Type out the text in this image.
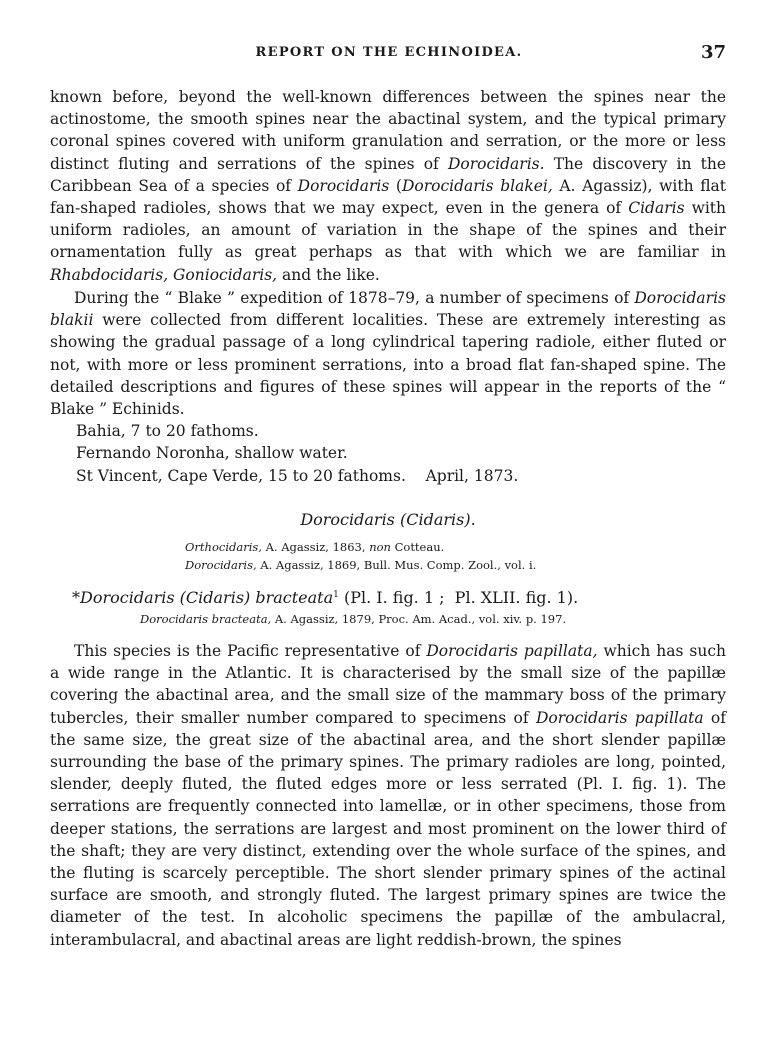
REPORT ON THE ECHINOIDEA.	37
known before, beyond the well-known differences between the spines near the actinostome, the smooth spines near the abactinal system, and the typical primary coronal spines covered with uniform granulation and serration, or the more or less distinct fluting and serrations of the spines of Dorocidaris. The discovery in the Caribbean Sea of a species of Dorocidaris (Dorocidaris blakei, A. Agassiz), with flat fan-shaped radioles, shows that we may expect, even in the genera of Cidaris with uniform radioles, an amount of variation in the shape of the spines and their ornamentation fully as great perhaps as that with which we are familiar in Rhabdocidaris, Goniocidaris, and the like.
During the “ Blake ” expedition of 1878–79, a number of specimens of Dorocidaris blakii were collected from different localities. These are extremely interesting as showing the gradual passage of a long cylindrical tapering radiole, either fluted or not, with more or less prominent serrations, into a broad flat fan-shaped spine. The detailed descriptions and figures of these spines will appear in the reports of the “ Blake ” Echinids.
Bahia, 7 to 20 fathoms.
Fernando Noronha, shallow water.
St Vincent, Cape Verde, 15 to 20 fathoms.    April, 1873.
Dorocidaris (Cidaris).
Orthocidaris, A. Agassiz, 1863, non Cotteau.
Dorocidaris, A. Agassiz, 1869, Bull. Mus. Comp. Zool., vol. i.
*Dorocidaris (Cidaris) bracteata$^1$ (Pl. I. fig. 1 ;  Pl. XLII. fig. 1).
Dorocidaris bracteata, A. Agassiz, 1879, Proc. Am. Acad., vol. xiv. p. 197.
This species is the Pacific representative of Dorocidaris papillata, which has such a wide range in the Atlantic. It is characterised by the small size of the papillæ covering the abactinal area, and the small size of the mammary boss of the primary tubercles, their smaller number compared to specimens of Dorocidaris papillata of the same size, the great size of the abactinal area, and the short slender papillæ surrounding the base of the primary spines. The primary radioles are long, pointed, slender, deeply fluted, the fluted edges more or less serrated (Pl. I. fig. 1). The serrations are frequently connected into lamellæ, or in other specimens, those from deeper stations, the serrations are largest and most prominent on the lower third of the shaft; they are very distinct, extending over the whole surface of the spines, and the fluting is scarcely perceptible. The short slender primary spines of the actinal surface are smooth, and strongly fluted. The largest primary spines are twice the diameter of the test. In alcoholic specimens the papillæ of the ambulacral, interambulacral, and abactinal areas are light reddish-brown, the spines
